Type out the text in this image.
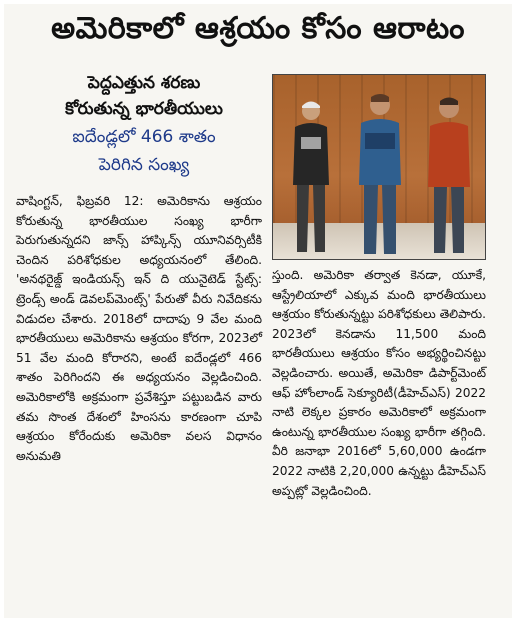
అమెరికాలో ఆశ్రయం కోసం ఆరాటం
పెద్దఎత్తున శరణు
కోరుతున్న భారతీయులు
ఐదేండ్లలో 466 శాతం
పెరిగిన సంఖ్య

వాషింగ్టన్, ఫిబ్రవరి 12: అమెరికాను ఆశ్రయం కోరుతున్న భారతీయుల సంఖ్య భారీగా పెరుగుతున్నదని జాన్స్ హాప్కిన్స్ యూనివర్సిటీకి చెందిన పరిశోధకుల అధ్యయనంలో తేలింది. 'అనథరైజ్డ్ ఇండియన్స్ ఇన్ ది యునైటెడ్ స్టేట్స్: ట్రెండ్స్ అండ్ డెవలప్‌మెంట్స్' పేరుతో వీరు నివేదికను విడుదల చేశారు. 2018లో దాదాపు 9 వేల మంది భారతీయులు అమెరికాను ఆశ్రయం కోరగా, 2023లో 51 వేల మంది కోరారని, అంటే ఐదేండ్లలో 466 శాతం పెరిగిందని ఈ అధ్యయనం వెల్లడించింది. అమెరికాలోకి అక్రమంగా ప్రవేశిస్తూ పట్టుబడిన వారు తమ సొంత దేశంలో హింసను కారణంగా చూపి ఆశ్రయం కోరేందుకు అమెరికా వలస విధానం అనుమతి

స్తుంది. అమెరికా తర్వాత కెనడా, యూకే, ఆస్ట్రేలియాలో ఎక్కువ మంది భారతీయులు ఆశ్రయం కోరుతున్నట్టు పరిశోధకులు తెలిపారు. 2023లో కెనడాను 11,500 మంది భారతీయులు ఆశ్రయం కోసం అభ్యర్థించినట్టు వెల్లడించారు. అయితే, అమెరికా డిపార్ట్‌మెంట్ ఆఫ్ హోంలాండ్ సెక్యూరిటీ(డీహెచ్‌ఎస్) 2022 నాటి లెక్కల ప్రకారం అమెరికాలో అక్రమంగా ఉంటున్న భారతీయుల సంఖ్య భారీగా తగ్గింది. వీరి జనాభా 2016లో 5,60,000 ఉండగా 2022 నాటికి 2,20,000 ఉన్నట్టు డీహెచ్‌ఎస్ అప్పట్లో వెల్లడించింది.
